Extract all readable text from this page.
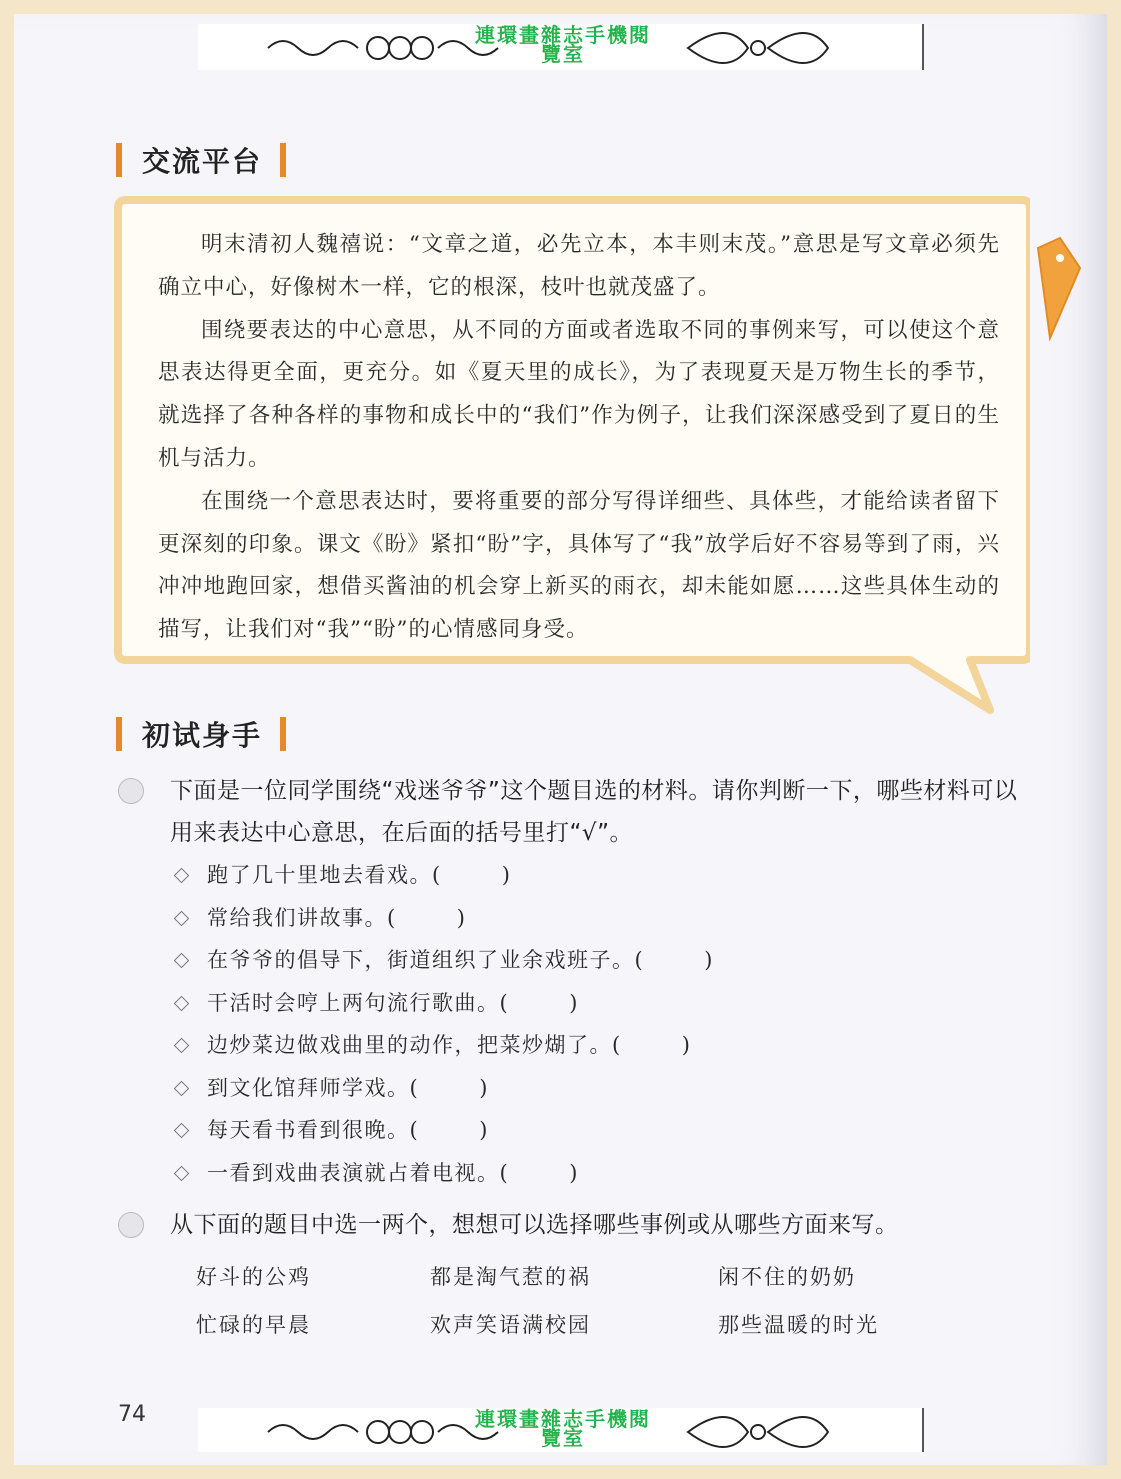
連環畫雜志手機閱
覽室
交流平台

明末清初人魏禧说：“文章之道，必先立本，本丰则末茂。”意思是写文章必须先确立中心，好像树木一样，它的根深，枝叶也就茂盛了。

围绕要表达的中心意思，从不同的方面或者选取不同的事例来写，可以使这个意思表达得更全面，更充分。如《夏天里的成长》，为了表现夏天是万物生长的季节，就选择了各种各样的事物和成长中的“我们”作为例子，让我们深深感受到了夏日的生机与活力。

在围绕一个意思表达时，要将重要的部分写得详细些、具体些，才能给读者留下更深刻的印象。课文《盼》紧扣“盼”字，具体写了“我”放学后好不容易等到了雨，兴冲冲地跑回家，想借买酱油的机会穿上新买的雨衣，却未能如愿……这些具体生动的描写，让我们对“我”“盼”的心情感同身受。

初试身手
下面是一位同学围绕“戏迷爷爷”这个题目选的材料。请你判断一下，哪些材料可以用来表达中心意思，在后面的括号里打“√”。
跑了几十里地去看戏。(	)
常给我们讲故事。(	)
在爷爷的倡导下，街道组织了业余戏班子。(	)
干活时会哼上两句流行歌曲。(	)
边炒菜边做戏曲里的动作，把菜炒煳了。(	)
到文化馆拜师学戏。(	)
每天看书看到很晚。(	)
一看到戏曲表演就占着电视。(	)
从下面的题目中选一两个，想想可以选择哪些事例或从哪些方面来写。
好斗的公鸡	都是淘气惹的祸	闲不住的奶奶
忙碌的早晨	欢声笑语满校园	那些温暖的时光
74	連環畫雜志手機閱
覽室
